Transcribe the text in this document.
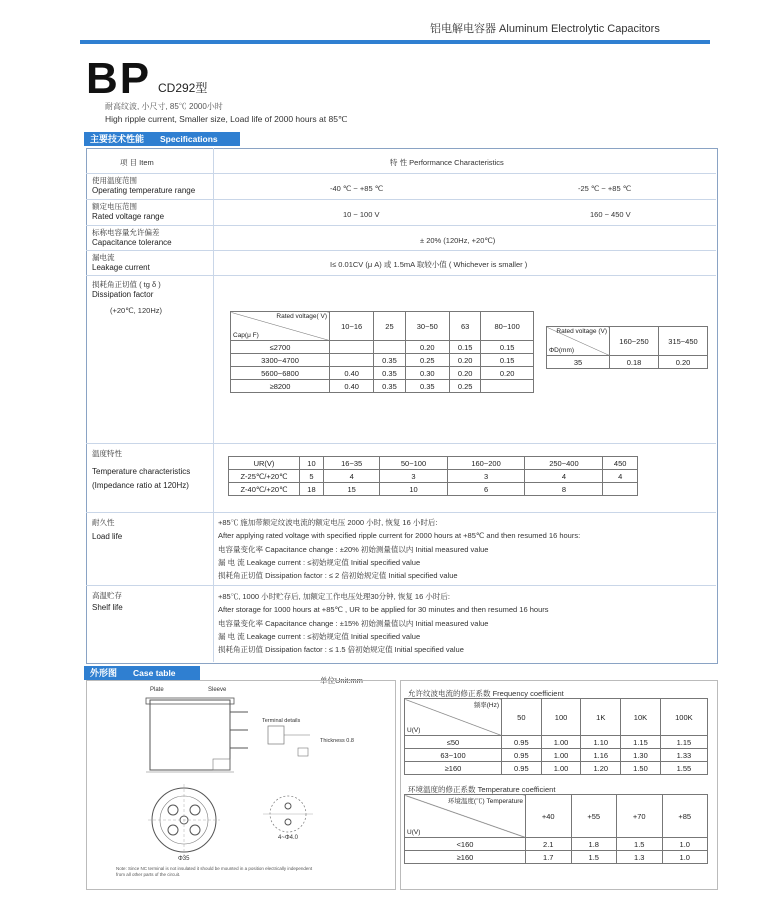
铝电解电容器 Aluminum Electrolytic Capacitors
BP CD292型
耐高纹波, 小尺寸, 85℃ 2000小时
High ripple current, Smaller size, Load life of 2000 hours at 85℃
主要技术性能 Specifications
项 目 Item	特 性 Performance Characteristics
使用温度范围
Operating temperature range	-40 ℃ ~ +85 ℃	-25 ℃ ~ +85 ℃
额定电压范围
Rated voltage range	10 ~ 100 V	160 ~ 450 V
标称电容量允许偏差
Capacitance tolerance	± 20% (120Hz, +20℃)
漏电流
Leakage current	I≤ 0.01CV (μ A) 或 1.5mA 取较小值 ( Whichever is smaller )
损耗角正切值 ( tg δ )
Dissipation factor
(+20℃, 120Hz)
Rated voltage( V)
Cap(μ F)	10~16	25	30~50	63	80~100
≤2700			0.20	0.15	0.15
3300~4700		0.35	0.25	0.20	0.15
5600~6800	0.40	0.35	0.30	0.20	0.20
≥8200	0.40	0.35	0.35	0.25	
Rated voltage (V)
ΦD(mm)	160~250	315~450
35	0.18	0.20
温度特性
Temperature characteristics
(Impedance ratio at 120Hz)
UR(V)	10	16~35	50~100	160~200	250~400	450
Z-25℃/+20℃	5	4	3	3	4	4
Z-40℃/+20℃	18	15	10	6	8	
耐久性
Load life
+85℃ 施加带额定纹波电流的额定电压 2000 小时, 恢复 16 小时后:
After applying rated voltage with specified ripple current for 2000 hours at +85℃ and then resumed 16 hours:
电容量变化率 Capacitance change : ±20% 初始测量值以内 Initial measured value
漏 电 流 Leakage current : ≤初始规定值 Initial specified value
损耗角正切值 Dissipation factor : ≤ 2 倍初始规定值 Initial specified value
高温贮存
Shelf life
+85℃, 1000 小时贮存后, 加额定工作电压处理30分钟, 恢复 16 小时后:
After storage for 1000 hours at +85℃ , UR to be applied for 30 minutes and then resumed 16 hours
电容量变化率 Capacitance change : ±15% 初始测量值以内 Initial measured value
漏 电 流 Leakage current : ≤初始规定值 Initial specified value
损耗角正切值 Dissipation factor : ≤ 1.5 倍初始规定值 Initial specified value
外形图 Case table
单位Unit:mm
Plate	Sleeve
Terminal details
Thickness 0.8
Φ35
4~Φ4.0
Note: Since NC terminal is not insulated it should be mounted in a position electrically independent from all other parts of the circuit.
允许纹波电流的修正系数 Frequency coefficient
频率(Hz)
U(V)	50	100	1K	10K	100K
≤50	0.95	1.00	1.10	1.15	1.15
63~100	0.95	1.00	1.16	1.30	1.33
≥160	0.95	1.00	1.20	1.50	1.55
环境温度的修正系数 Temperature coefficient
环境温度(℃) Temperature
U(V)	+40	+55	+70	+85
<160	2.1	1.8	1.5	1.0
≥160	1.7	1.5	1.3	1.0
